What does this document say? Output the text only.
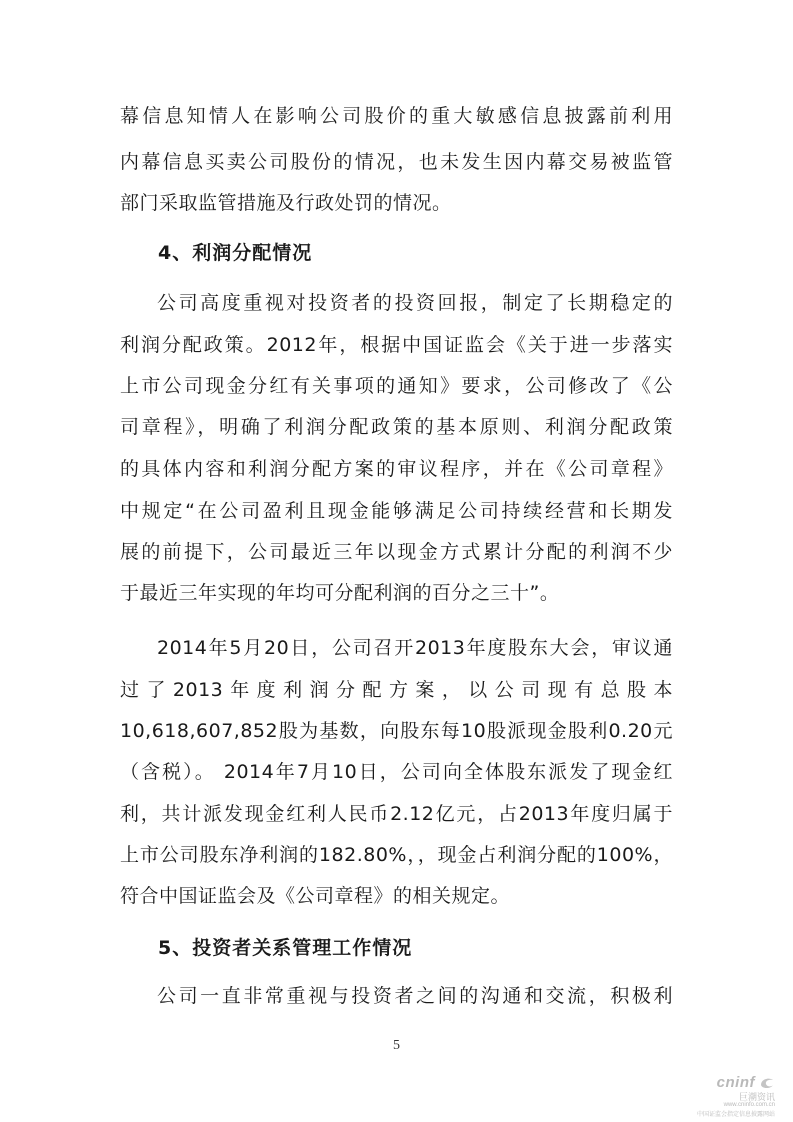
幕信息知情人在影响公司股价的重大敏感信息披露前利用
内幕信息买卖公司股份的情况，也未发生因内幕交易被监管
部门采取监管措施及行政处罚的情况。
4、利润分配情况
公司高度重视对投资者的投资回报，制定了长期稳定的
利润分配政策。2012年，根据中国证监会《关于进一步落实
上市公司现金分红有关事项的通知》要求，公司修改了《公
司章程》，明确了利润分配政策的基本原则、利润分配政策
的具体内容和利润分配方案的审议程序，并在《公司章程》
中规定“在公司盈利且现金能够满足公司持续经营和长期发
展的前提下，公司最近三年以现金方式累计分配的利润不少
于最近三年实现的年均可分配利润的百分之三十”。
2014年5月20日，公司召开2013年度股东大会，审议通
过了2013年度利润分配方案，以公司现有总股本
10,618,607,852股为基数，向股东每10股派现金股利0.20元
（含税）。 2014年7月10日，公司向全体股东派发了现金红
利，共计派发现金红利人民币2.12亿元，占2013年度归属于
上市公司股东净利润的182.80%，，现金占利润分配的100%，
符合中国证监会及《公司章程》的相关规定。
5、投资者关系管理工作情况
公司一直非常重视与投资者之间的沟通和交流，积极利
5
cninf
巨潮资讯
www.cninfo.com.cn
中国证监会指定信息披露网站
